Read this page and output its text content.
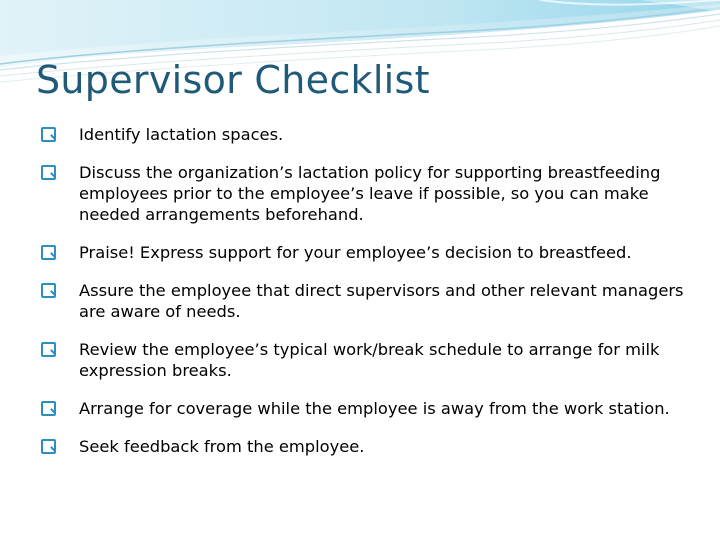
Supervisor Checklist
Identify lactation spaces.
Discuss the organization’s lactation policy for supporting breastfeeding employees prior to the employee’s leave if possible, so you can make needed arrangements beforehand.
Praise! Express support for your employee’s decision to breastfeed.
Assure the employee that direct supervisors and other relevant managers are aware of needs.
Review the employee’s typical work/break schedule to arrange for milk expression breaks.
Arrange for coverage while the employee is away from the work station.
Seek feedback from the employee.
